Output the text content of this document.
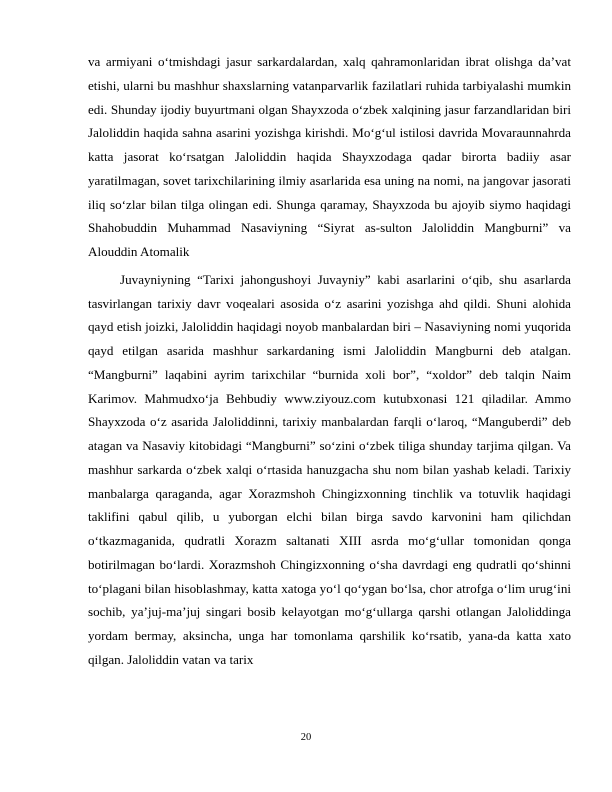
va armiyani o‘tmishdagi jasur sarkardalardan, xalq qahramonlaridan ibrat olishga da’vat etishi, ularni bu mashhur shaxslarning vatanparvarlik fazilatlari ruhida tarbiyalashi mumkin edi. Shunday ijodiy buyurtmani olgan Shayxzoda o‘zbek xalqining jasur farzandlaridan biri Jaloliddin haqida sahna asarini yozishga kirishdi. Mo‘g‘ul istilosi davrida Movaraunnahrda katta jasorat ko‘rsatgan Jaloliddin haqida Shayxzodaga qadar birorta badiiy asar yaratilmagan, sovet tarixchilarining ilmiy asarlarida esa uning na nomi, na jangovar jasorati iliq so‘zlar bilan tilga olingan edi. Shunga qaramay, Shayxzoda bu ajoyib siymo haqidagi Shahobuddin Muhammad Nasaviyning “Siyrat as-sulton Jaloliddin Mangburni” va Alouddin Atomalik

Juvayniyning “Tarixi jahongushoyi Juvayniy” kabi asarlarini o‘qib, shu asarlarda tasvirlangan tarixiy davr voqealari asosida o‘z asarini yozishga ahd qildi. Shuni alohida qayd etish joizki, Jaloliddin haqidagi noyob manbalardan biri – Nasaviyning nomi yuqorida qayd etilgan asarida mashhur sarkardaning ismi Jaloliddin Mangburni deb atalgan. “Mangburni” laqabini ayrim tarixchilar “burnida xoli bor”, “xoldor” deb talqin Naim Karimov. Mahmudxo‘ja Behbudiy www.ziyouz.com kutubxonasi 121 qiladilar. Ammo Shayxzoda o‘z asarida Jaloliddinni, tarixiy manbalardan farqli o‘laroq, “Manguberdi” deb atagan va Nasaviy kitobidagi “Mangburni” so‘zini o‘zbek tiliga shunday tarjima qilgan. Va mashhur sarkarda o‘zbek xalqi o‘rtasida hanuzgacha shu nom bilan yashab keladi. Tarixiy manbalarga qaraganda, agar Xorazmshoh Chingizxonning tinchlik va totuvlik haqidagi taklifini qabul qilib, u yuborgan elchi bilan birga savdo karvonini ham qilichdan o‘tkazmaganida, qudratli Xorazm saltanati XIII asrda mo‘g‘ullar tomonidan qonga botirilmagan bo‘lardi. Xorazmshoh Chingizxonning o‘sha davrdagi eng qudratli qo‘shinni to‘plagani bilan hisoblashmay, katta xatoga yo‘l qo‘ygan bo‘lsa, chor atrofga o‘lim urug‘ini sochib, ya’juj-ma’juj singari bosib kelayotgan mo‘g‘ullarga qarshi otlangan Jaloliddinga yordam bermay, aksincha, unga har tomonlama qarshilik ko‘rsatib, yana-da katta xato qilgan. Jaloliddin vatan va tarix

20
